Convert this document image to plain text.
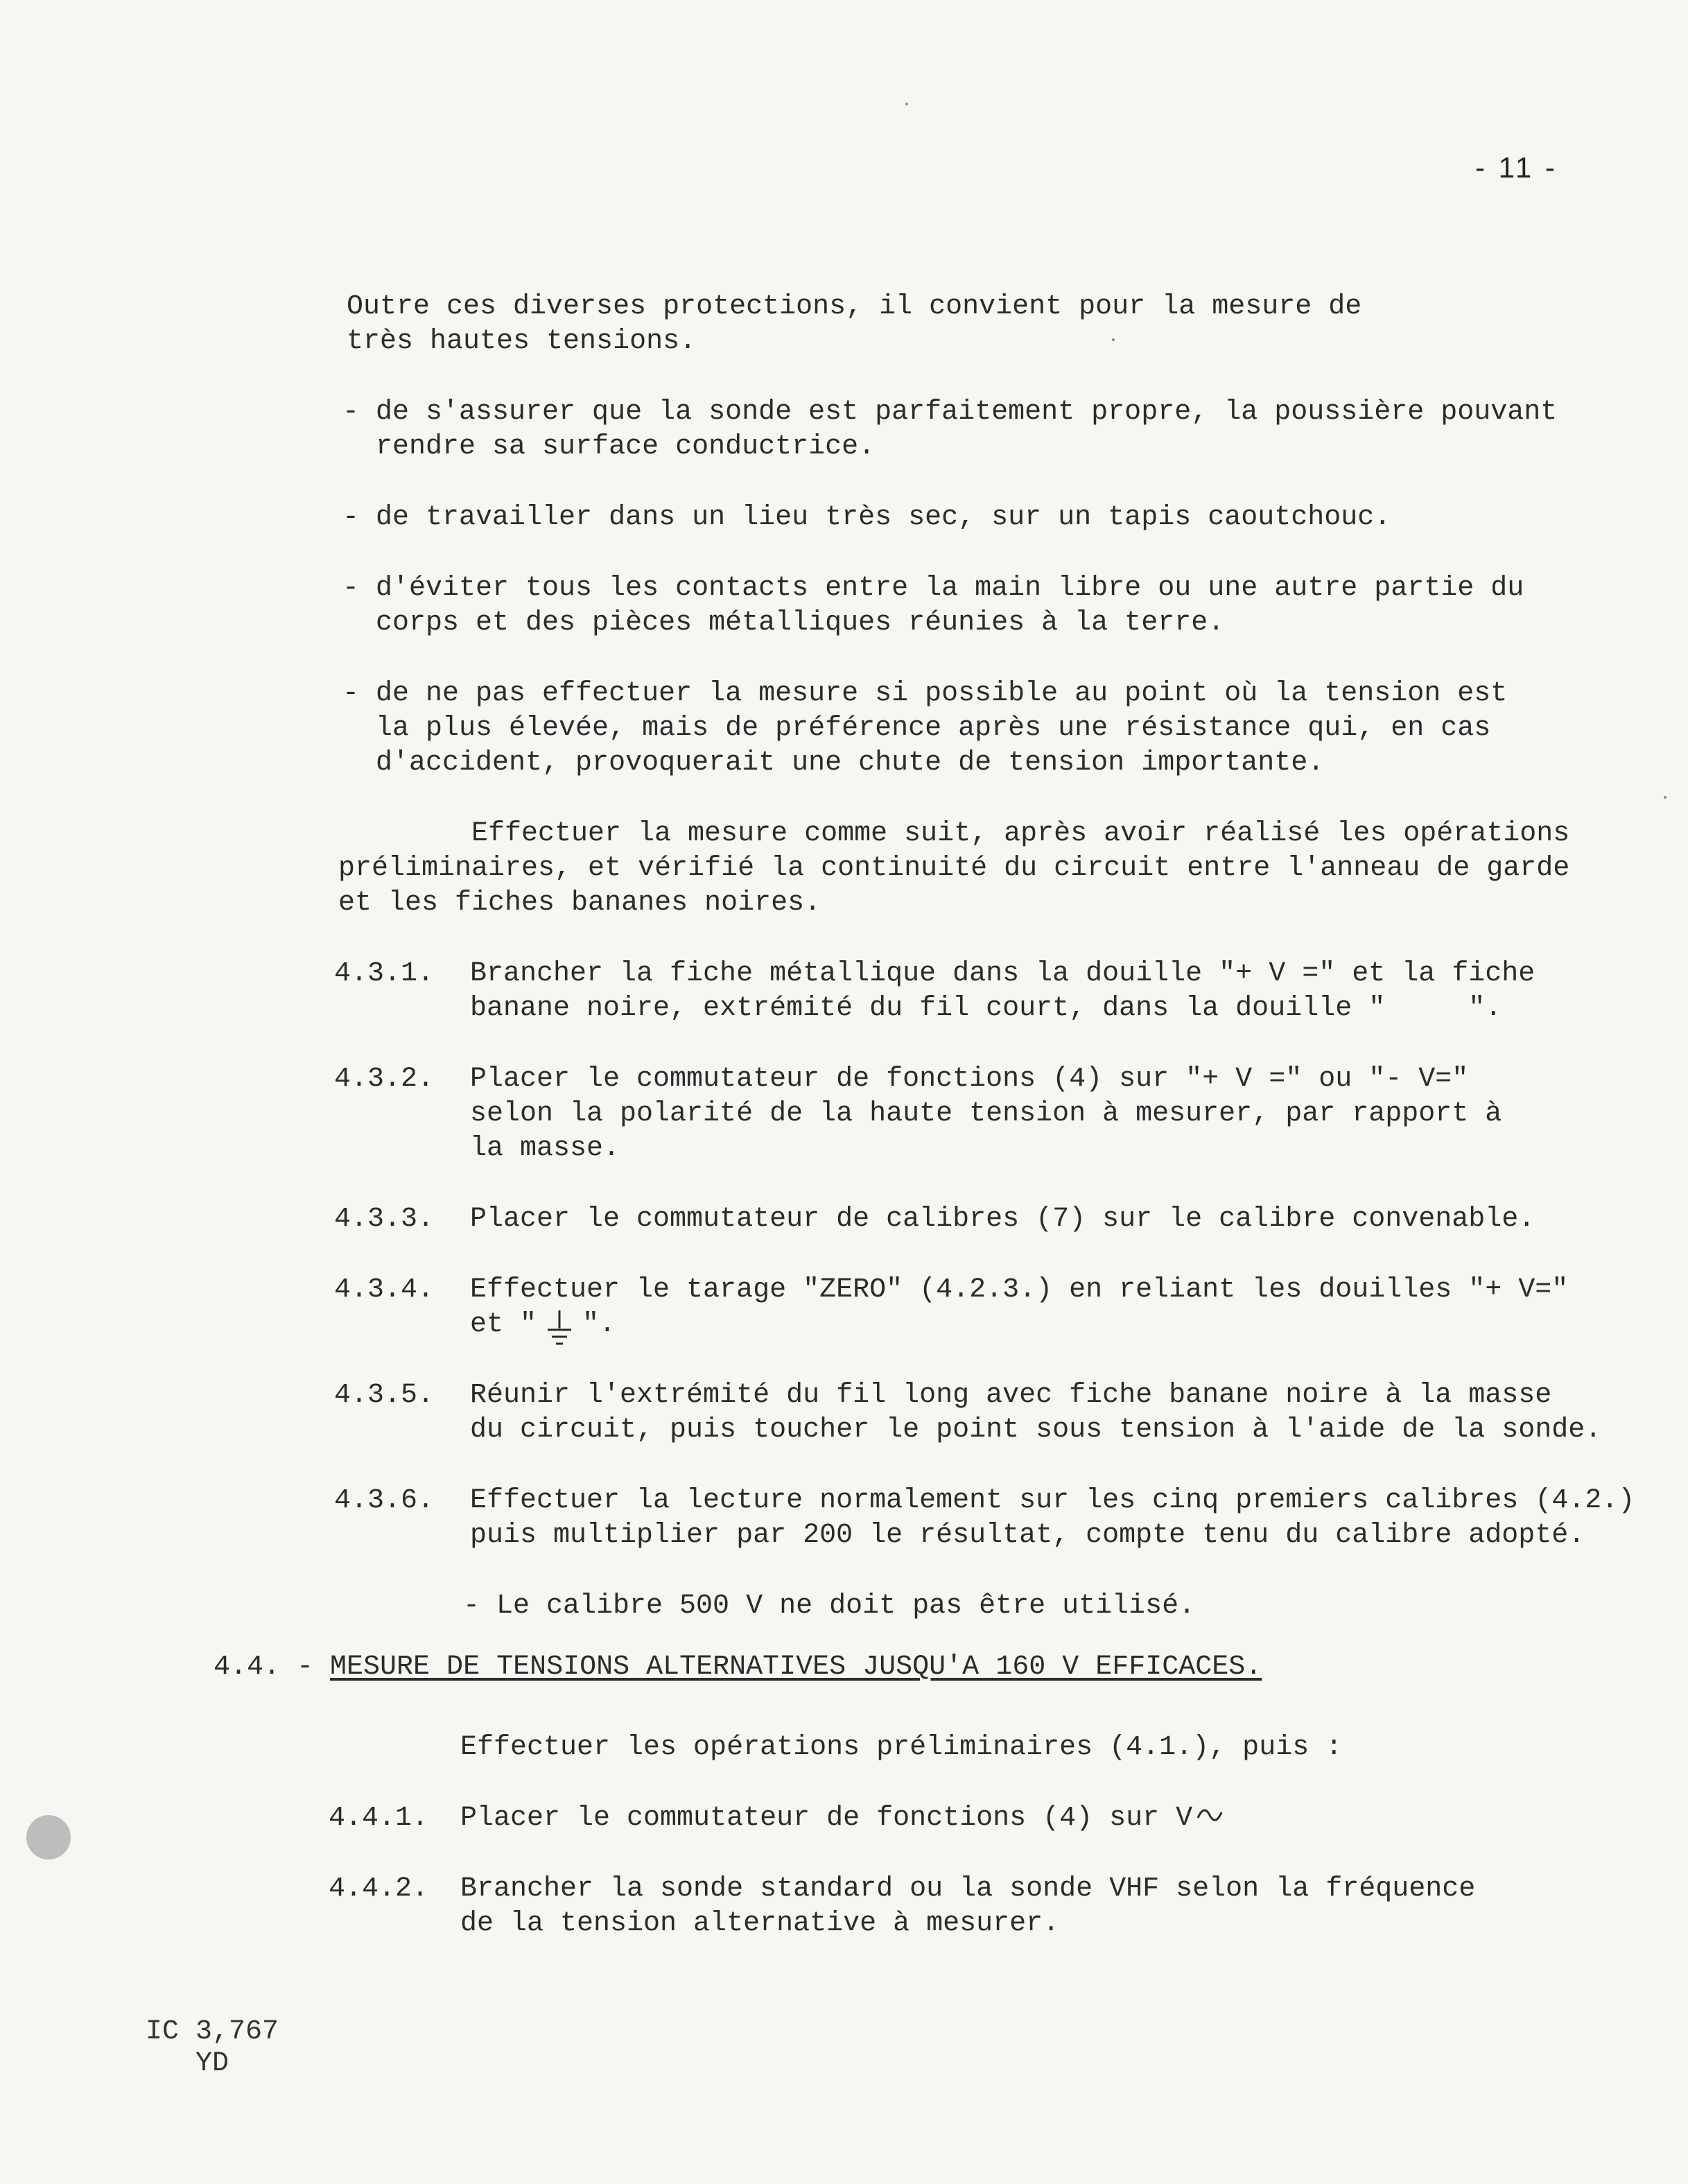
- 11 -
Outre ces diverses protections, il convient pour la mesure de
très hautes tensions.
- de s'assurer que la sonde est parfaitement propre, la poussière pouvant
rendre sa surface conductrice.
- de travailler dans un lieu très sec, sur un tapis caoutchouc.
- d'éviter tous les contacts entre la main libre ou une autre partie du
corps et des pièces métalliques réunies à la terre.
- de ne pas effectuer la mesure si possible au point où la tension est
la plus élevée, mais de préférence après une résistance qui, en cas
d'accident, provoquerait une chute de tension importante.
Effectuer la mesure comme suit, après avoir réalisé les opérations
préliminaires, et vérifié la continuité du circuit entre l'anneau de garde
et les fiches bananes noires.
4.3.1. Brancher la fiche métallique dans la douille "+ V =" et la fiche
banane noire, extrémité du fil court, dans la douille "     ".
4.3.2. Placer le commutateur de fonctions (4) sur "+ V =" ou "- V="
selon la polarité de la haute tension à mesurer, par rapport à
la masse.
4.3.3. Placer le commutateur de calibres (7) sur le calibre convenable.
4.3.4. Effectuer le tarage "ZERO" (4.2.3.) en reliant les douilles "+ V="
et " ".
4.3.5. Réunir l'extrémité du fil long avec fiche banane noire à la masse
du circuit, puis toucher le point sous tension à l'aide de la sonde.
4.3.6. Effectuer la lecture normalement sur les cinq premiers calibres (4.2.)
puis multiplier par 200 le résultat, compte tenu du calibre adopté.
- Le calibre 500 V ne doit pas être utilisé.
4.4. - MESURE DE TENSIONS ALTERNATIVES JUSQU'A 160 V EFFICACES.
Effectuer les opérations préliminaires (4.1.), puis :
4.4.1. Placer le commutateur de fonctions (4) sur V
4.4.2. Brancher la sonde standard ou la sonde VHF selon la fréquence
de la tension alternative à mesurer.
IC 3,767
YD
